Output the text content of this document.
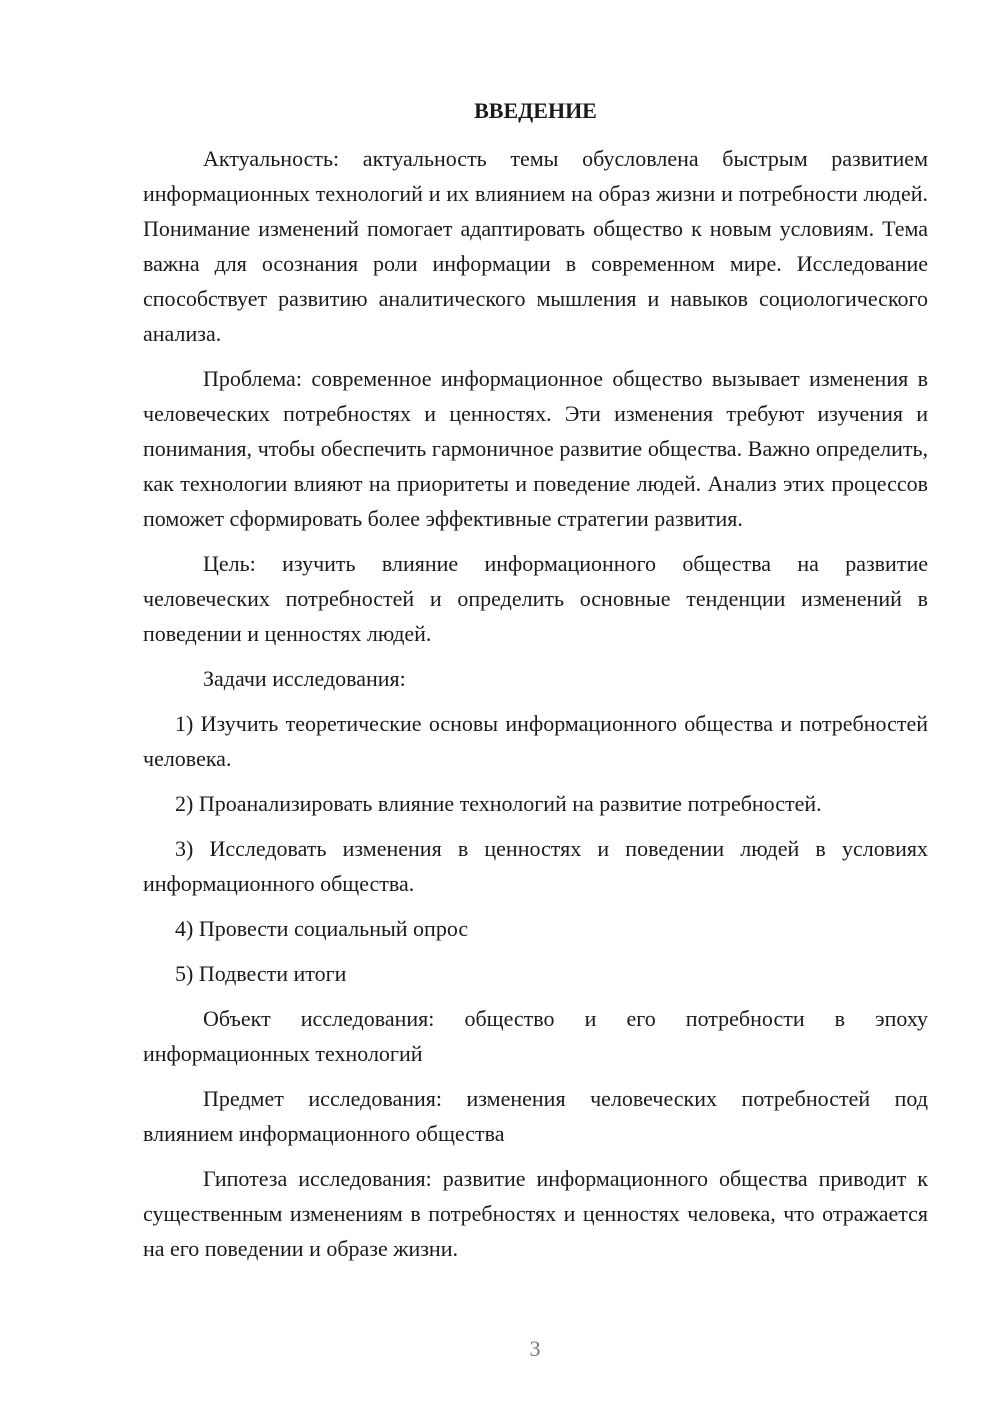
ВВЕДЕНИЕ

Актуальность: актуальность темы обусловлена быстрым развитием информационных технологий и их влиянием на образ жизни и потребности людей. Понимание изменений помогает адаптировать общество к новым условиям. Тема важна для осознания роли информации в современном мире. Исследование способствует развитию аналитического мышления и навыков социологического анализа.

Проблема: современное информационное общество вызывает изменения в человеческих потребностях и ценностях. Эти изменения требуют изучения и понимания, чтобы обеспечить гармоничное развитие общества. Важно определить, как технологии влияют на приоритеты и поведение людей. Анализ этих процессов поможет сформировать более эффективные стратегии развития.

Цель: изучить влияние информационного общества на развитие человеческих потребностей и определить основные тенденции изменений в поведении и ценностях людей.

Задачи исследования:

1) Изучить теоретические основы информационного общества и потребностей человека.

2) Проанализировать влияние технологий на развитие потребностей.

3) Исследовать изменения в ценностях и поведении людей в условиях информационного общества.

4) Провести социальный опрос

5) Подвести итоги

Объект исследования: общество и его потребности в эпоху информационных технологий

Предмет исследования: изменения человеческих потребностей под влиянием информационного общества

Гипотеза исследования: развитие информационного общества приводит к существенным изменениям в потребностях и ценностях человека, что отражается на его поведении и образе жизни.

3
